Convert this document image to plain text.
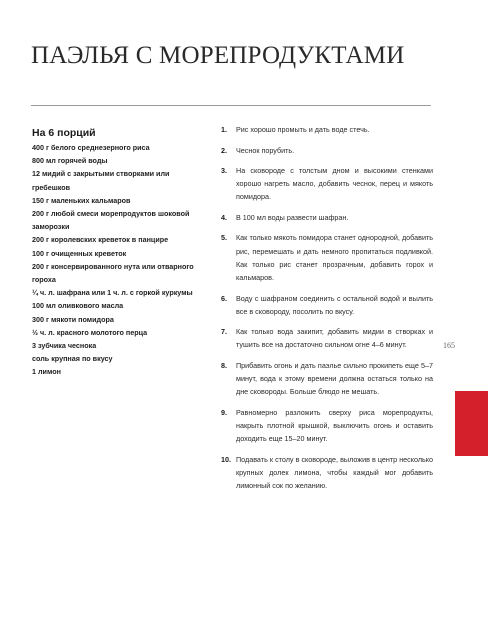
ПАЭЛЬЯ С МОРЕПРОДУКТАМИ
На 6 порций
400 г белого среднезерного риса
800 мл горячей воды
12 мидий с закрытыми створками или
гребешков
150 г маленьких кальмаров
200 г любой смеси морепродуктов шоковой
заморозки
200 г королевских креветок в панцире
100 г очищенных креветок
200 г консервированного нута или отварного
гороха
¼ ч. л. шафрана или 1 ч. л. с горкой куркумы
100 мл оливкового масла
300 г мякоти помидора
½ ч. л. красного молотого перца
3 зубчика чеснока
соль крупная по вкусу
1 лимон
1. Рис хорошо промыть и дать воде стечь.
2. Чеснок порубить.
3. На сковороде с толстым дном и высокими стенками хорошо нагреть масло, добавить чеснок, перец и мякоть помидора.
4. В 100 мл воды развести шафран.
5. Как только мякоть помидора станет однородной, добавить рис, перемешать и дать немного пропитаться подливкой. Как только рис станет прозрачным, добавить горох и кальмаров.
6. Воду с шафраном соединить с остальной водой и вылить все в сковороду, посолить по вкусу.
7. Как только вода закипит, добавить мидии в створках и тушить все на достаточно сильном огне 4–6 минут.
8. Прибавить огонь и дать паэлье сильно прокипеть еще 5–7 минут, вода к этому времени должна остаться только на дне сковороды. Больше блюдо не мешать.
9. Равномерно разложить сверху риса морепродукты, накрыть плотной крышкой, выключить огонь и оставить доходить еще 15–20 минут.
10. Подавать к столу в сковороде, выложив в центр несколько крупных долек лимона, чтобы каждый мог добавить лимонный сок по желанию.
165
